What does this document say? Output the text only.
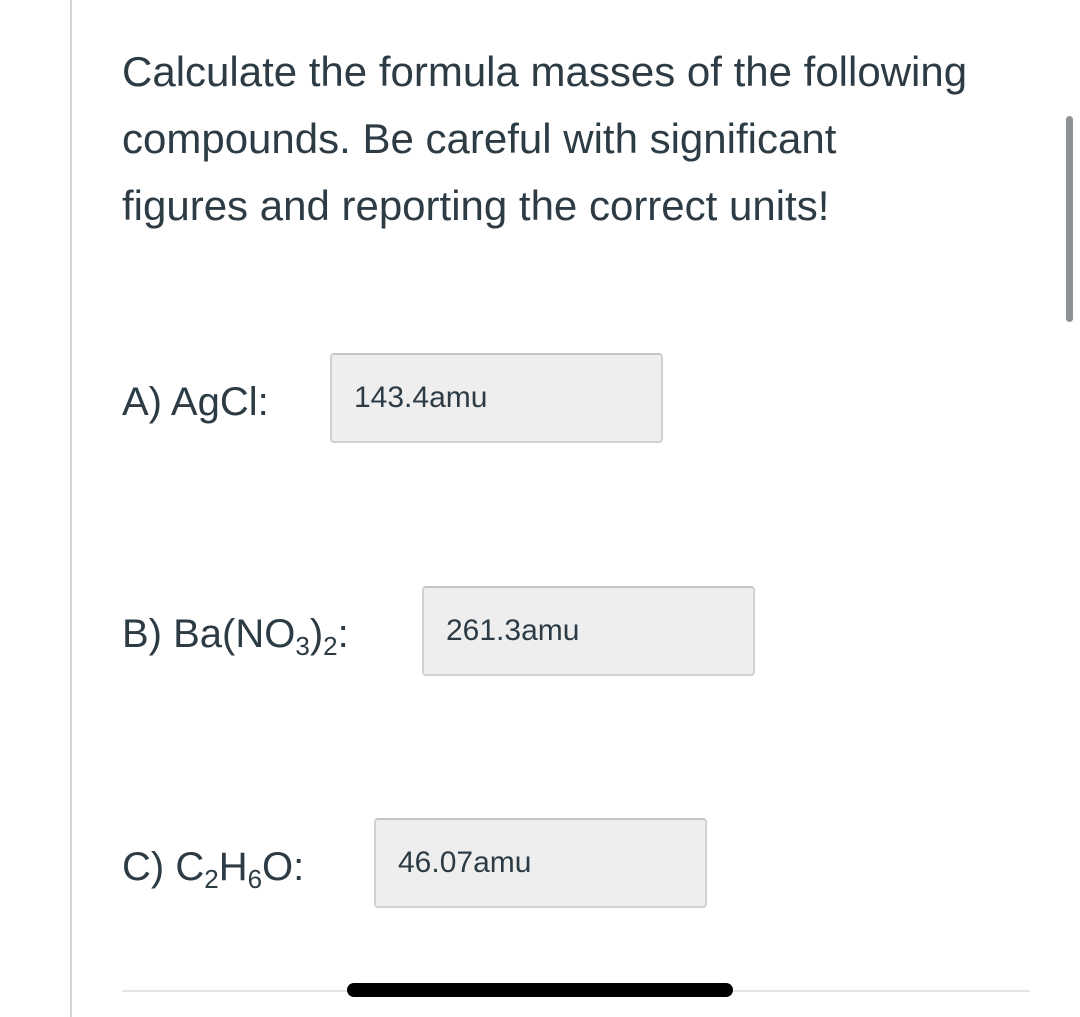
Calculate the formula masses of the following
compounds. Be careful with significant
figures and reporting the correct units!
A) AgCl:	143.4amu
B) $Ba(NO_3)_2$:	261.3amu
C) $C_2H_6O$:	46.07amu
